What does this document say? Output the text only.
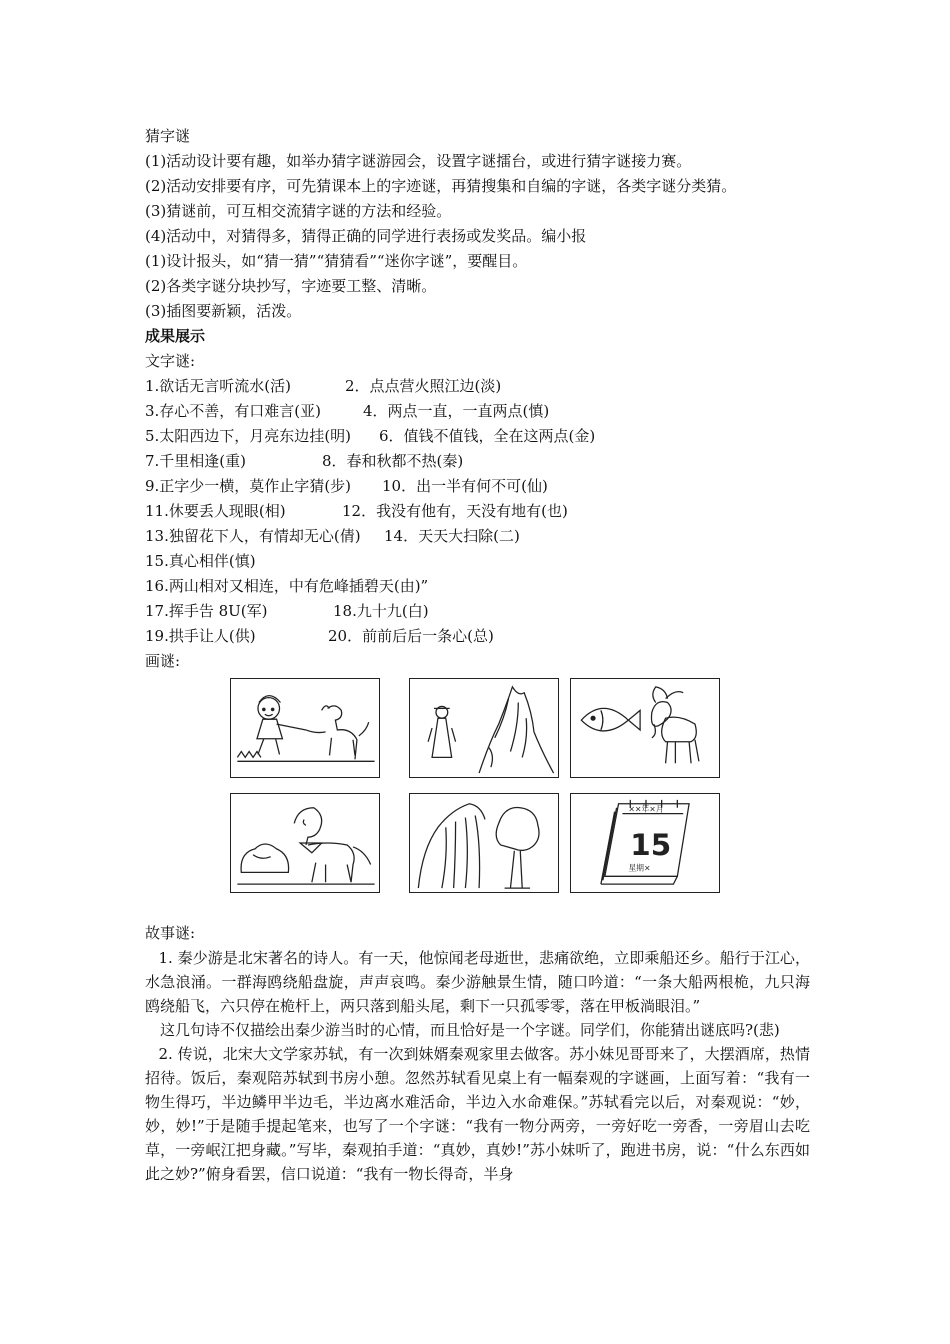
猜字谜
(1)活动设计要有趣，如举办猜字谜游园会，设置字谜擂台，或进行猜字谜接力赛。
(2)活动安排要有序，可先猜课本上的字迹谜，再猜搜集和自编的字谜，各类字谜分类猜。
(3)猜谜前，可互相交流猜字谜的方法和经验。
(4)活动中，对猜得多，猜得正确的同学进行表扬或发奖品。编小报
(1)设计报头，如“猜一猜”“猜猜看”“迷你字谜”，要醒目。
(2)各类字谜分块抄写，字迹要工整、清晰。
(3)插图要新颖，活泼。
成果展示
文字谜:
1.欲话无言听流水(活)	2．点点营火照江边(淡)
3.存心不善，有口难言(亚)	4．两点一直，一直两点(慎)
5.太阳西边下，月亮东边挂(明) 6．值钱不值钱，全在这两点(金)
7.千里相逢(重)	8．春和秋都不热(秦)
9.正字少一横，莫作止字猜(步) 10．出一半有何不可(仙)
11.休要丢人现眼(相)	12．我没有他有，天没有地有(也)
13.独留花下人，有情却无心(倩) 14．天天大扫除(二)
15.真心相伴(慎)
16.两山相对又相连，中有危峰插碧天(由)”
17.挥手告 8U(军)	18.九十九(白)
19.拱手让人(供)	20．前前后后一条心(总)
画谜:
××年×月
15
星期×
故事谜:

1. 秦少游是北宋著名的诗人。有一天，他惊闻老母逝世，悲痛欲绝，立即乘船还乡。船行于江心，水急浪涌。一群海鸥绕船盘旋，声声哀鸣。秦少游触景生情，随口吟道：“一条大船两根桅，九只海鸥绕船飞，六只停在桅杆上，两只落到船头尾，剩下一只孤零零，落在甲板淌眼泪。”

这几句诗不仅描绘出秦少游当时的心情，而且恰好是一个字谜。同学们，你能猜出谜底吗?(悲)

2. 传说，北宋大文学家苏轼，有一次到妹婿秦观家里去做客。苏小妹见哥哥来了，大摆酒席，热情招待。饭后，秦观陪苏轼到书房小憩。忽然苏轼看见桌上有一幅秦观的字谜画，上面写着：“我有一物生得巧，半边鳞甲半边毛，半边离水难活命，半边入水命难保。”苏轼看完以后，对秦观说：“妙，妙，妙!”于是随手提起笔来，也写了一个字谜：“我有一物分两旁，一旁好吃一旁香，一旁眉山去吃草，一旁岷江把身藏。”写毕，秦观拍手道：“真妙，真妙!”苏小妹听了，跑进书房，说：“什么东西如此之妙?”俯身看罢，信口说道：“我有一物长得奇，半身
